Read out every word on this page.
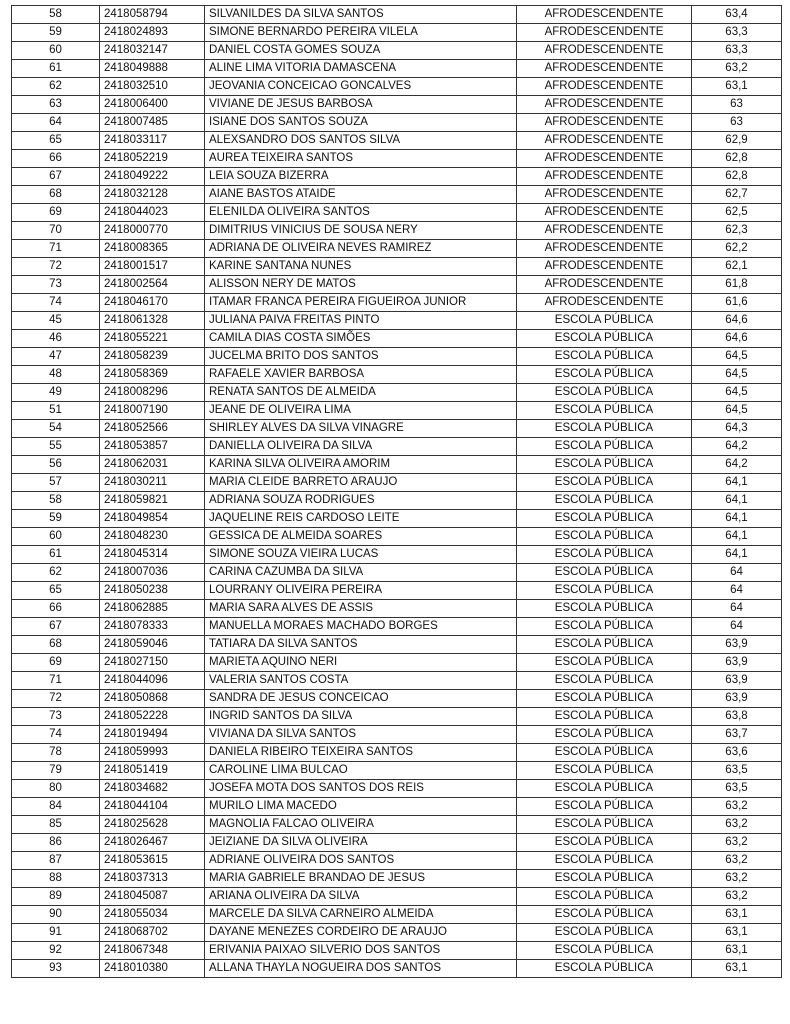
58	2418058794	SILVANILDES DA SILVA SANTOS	AFRODESCENDENTE	63,4
59	2418024893	SIMONE BERNARDO PEREIRA VILELA	AFRODESCENDENTE	63,3
60	2418032147	DANIEL COSTA GOMES SOUZA	AFRODESCENDENTE	63,3
61	2418049888	ALINE LIMA VITORIA DAMASCENA	AFRODESCENDENTE	63,2
62	2418032510	JEOVANIA CONCEICAO GONCALVES	AFRODESCENDENTE	63,1
63	2418006400	VIVIANE DE JESUS BARBOSA	AFRODESCENDENTE	63
64	2418007485	ISIANE DOS SANTOS SOUZA	AFRODESCENDENTE	63
65	2418033117	ALEXSANDRO DOS SANTOS SILVA	AFRODESCENDENTE	62,9
66	2418052219	AUREA TEIXEIRA SANTOS	AFRODESCENDENTE	62,8
67	2418049222	LEIA SOUZA BIZERRA	AFRODESCENDENTE	62,8
68	2418032128	AIANE BASTOS ATAIDE	AFRODESCENDENTE	62,7
69	2418044023	ELENILDA OLIVEIRA SANTOS	AFRODESCENDENTE	62,5
70	2418000770	DIMITRIUS VINICIUS DE SOUSA NERY	AFRODESCENDENTE	62,3
71	2418008365	ADRIANA DE OLIVEIRA NEVES RAMIREZ	AFRODESCENDENTE	62,2
72	2418001517	KARINE SANTANA NUNES	AFRODESCENDENTE	62,1
73	2418002564	ALISSON NERY DE MATOS	AFRODESCENDENTE	61,8
74	2418046170	ITAMAR FRANCA PEREIRA FIGUEIROA JUNIOR	AFRODESCENDENTE	61,6
45	2418061328	JULIANA PAIVA FREITAS PINTO	ESCOLA PÚBLICA	64,6
46	2418055221	CAMILA DIAS COSTA SIMÕES	ESCOLA PÚBLICA	64,6
47	2418058239	JUCELMA BRITO DOS SANTOS	ESCOLA PÚBLICA	64,5
48	2418058369	RAFAELE XAVIER BARBOSA	ESCOLA PÚBLICA	64,5
49	2418008296	RENATA SANTOS DE ALMEIDA	ESCOLA PÚBLICA	64,5
51	2418007190	JEANE DE OLIVEIRA LIMA	ESCOLA PÚBLICA	64,5
54	2418052566	SHIRLEY ALVES DA SILVA VINAGRE	ESCOLA PÚBLICA	64,3
55	2418053857	DANIELLA OLIVEIRA DA SILVA	ESCOLA PÚBLICA	64,2
56	2418062031	KARINA SILVA OLIVEIRA AMORIM	ESCOLA PÚBLICA	64,2
57	2418030211	MARIA CLEIDE BARRETO ARAUJO	ESCOLA PÚBLICA	64,1
58	2418059821	ADRIANA SOUZA RODRIGUES	ESCOLA PÚBLICA	64,1
59	2418049854	JAQUELINE REIS CARDOSO LEITE	ESCOLA PÚBLICA	64,1
60	2418048230	GESSICA DE ALMEIDA SOARES	ESCOLA PÚBLICA	64,1
61	2418045314	SIMONE SOUZA VIEIRA LUCAS	ESCOLA PÚBLICA	64,1
62	2418007036	CARINA CAZUMBA DA SILVA	ESCOLA PÚBLICA	64
65	2418050238	LOURRANY OLIVEIRA PEREIRA	ESCOLA PÚBLICA	64
66	2418062885	MARIA SARA ALVES DE ASSIS	ESCOLA PÚBLICA	64
67	2418078333	MANUELLA MORAES MACHADO BORGES	ESCOLA PÚBLICA	64
68	2418059046	TATIARA DA SILVA SANTOS	ESCOLA PÚBLICA	63,9
69	2418027150	MARIETA AQUINO NERI	ESCOLA PÚBLICA	63,9
71	2418044096	VALERIA SANTOS COSTA	ESCOLA PÚBLICA	63,9
72	2418050868	SANDRA DE JESUS CONCEICAO	ESCOLA PÚBLICA	63,9
73	2418052228	INGRID SANTOS DA SILVA	ESCOLA PÚBLICA	63,8
74	2418019494	VIVIANA DA SILVA SANTOS	ESCOLA PÚBLICA	63,7
78	2418059993	DANIELA RIBEIRO TEIXEIRA SANTOS	ESCOLA PÚBLICA	63,6
79	2418051419	CAROLINE LIMA BULCAO	ESCOLA PÚBLICA	63,5
80	2418034682	JOSEFA MOTA DOS SANTOS DOS REIS	ESCOLA PÚBLICA	63,5
84	2418044104	MURILO LIMA MACEDO	ESCOLA PÚBLICA	63,2
85	2418025628	MAGNOLIA FALCAO OLIVEIRA	ESCOLA PÚBLICA	63,2
86	2418026467	JEIZIANE DA SILVA OLIVEIRA	ESCOLA PÚBLICA	63,2
87	2418053615	ADRIANE OLIVEIRA DOS SANTOS	ESCOLA PÚBLICA	63,2
88	2418037313	MARIA GABRIELE BRANDAO DE JESUS	ESCOLA PÚBLICA	63,2
89	2418045087	ARIANA OLIVEIRA DA SILVA	ESCOLA PÚBLICA	63,2
90	2418055034	MARCELE DA SILVA CARNEIRO ALMEIDA	ESCOLA PÚBLICA	63,1
91	2418068702	DAYANE MENEZES CORDEIRO DE ARAUJO	ESCOLA PÚBLICA	63,1
92	2418067348	ERIVANIA PAIXAO SILVERIO DOS SANTOS	ESCOLA PÚBLICA	63,1
93	2418010380	ALLANA THAYLA NOGUEIRA DOS SANTOS	ESCOLA PÚBLICA	63,1
